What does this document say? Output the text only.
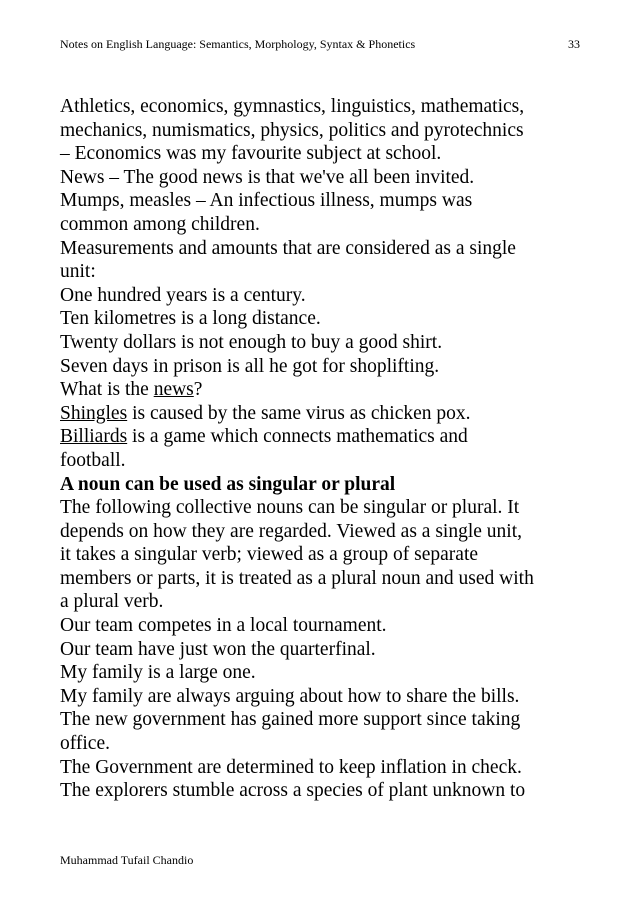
Notes on English Language: Semantics, Morphology, Syntax & Phonetics	33
Athletics, economics, gymnastics, linguistics, mathematics,
mechanics, numismatics, physics, politics and pyrotechnics
– Economics was my favourite subject at school.
News – The good news is that we've all been invited.
Mumps, measles – An infectious illness, mumps was
common among children.
Measurements and amounts that are considered as a single
unit:
One hundred years is a century.
Ten kilometres is a long distance.
Twenty dollars is not enough to buy a good shirt.
Seven days in prison is all he got for shoplifting.
What is the news?
Shingles is caused by the same virus as chicken pox.
Billiards is a game which connects mathematics and
football.
A noun can be used as singular or plural
The following collective nouns can be singular or plural. It
depends on how they are regarded. Viewed as a single unit,
it takes a singular verb; viewed as a group of separate
members or parts, it is treated as a plural noun and used with
a plural verb.
Our team competes in a local tournament.
Our team have just won the quarterfinal.
My family is a large one.
My family are always arguing about how to share the bills.
The new government has gained more support since taking
office.
The Government are determined to keep inflation in check.
The explorers stumble across a species of plant unknown to
Muhammad Tufail Chandio
